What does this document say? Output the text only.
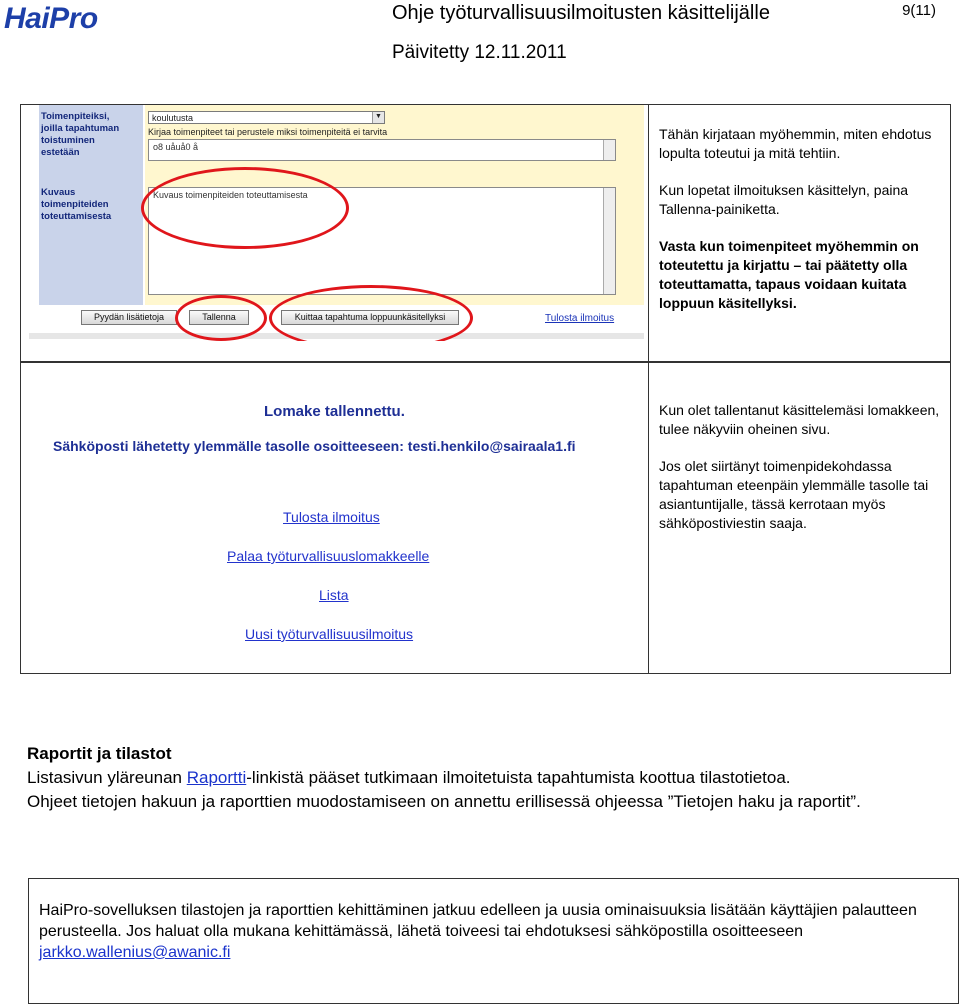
HaiPro	Ohje työturvallisuusilmoitusten käsittelijälle	9(11)
Päivitetty 12.11.2011
Toimenpiteiksi, joilla tapahtuman toistuminen estetään
koulutusta	▼
Kirjaa toimenpiteet tai perustele miksi toimenpiteitä ei tarvita
o8 uåuå0 å
Kuvaus toimenpiteiden toteuttamisesta
Kuvaus toimenpiteiden toteuttamisesta
Pyydän lisätietoja	Tallenna	Kuittaa tapahtuma loppuunkäsitellyksi	Tulosta ilmoitus

Tähän kirjataan myöhemmin, miten ehdotus lopulta toteutui ja mitä tehtiin.

Kun lopetat ilmoituksen käsittelyn, paina Tallenna-painiketta.

Vasta kun toimenpiteet myöhemmin on toteutettu ja kirjattu – tai päätetty olla toteuttamatta, tapaus voidaan kuitata loppuun käsitellyksi.

Lomake tallennettu.
Sähköposti lähetetty ylemmälle tasolle osoitteeseen: testi.henkilo@sairaala1.fi
Tulosta ilmoitus
Palaa työturvallisuuslomakkeelle
Lista
Uusi työturvallisuusilmoitus

Kun olet tallentanut käsittelemäsi lomakkeen, tulee näkyviin oheinen sivu.

Jos olet siirtänyt toimenpidekohdassa tapahtuman eteenpäin ylemmälle tasolle tai asiantuntijalle, tässä kerrotaan myös sähköpostiviestin saaja.

Raportit ja tilastot
Listasivun yläreunan Raportti-linkistä pääset tutkimaan ilmoitetuista tapahtumista koottua tilastotietoa.
Ohjeet tietojen hakuun ja raporttien muodostamiseen on annettu erillisessä ohjeessa ”Tietojen haku ja raportit”.
HaiPro-sovelluksen tilastojen ja raporttien kehittäminen jatkuu edelleen ja uusia ominaisuuksia lisätään käyttäjien palautteen perusteella. Jos haluat olla mukana kehittämässä, lähetä toiveesi tai ehdotuksesi sähköpostilla osoitteeseen jarkko.wallenius@awanic.fi
